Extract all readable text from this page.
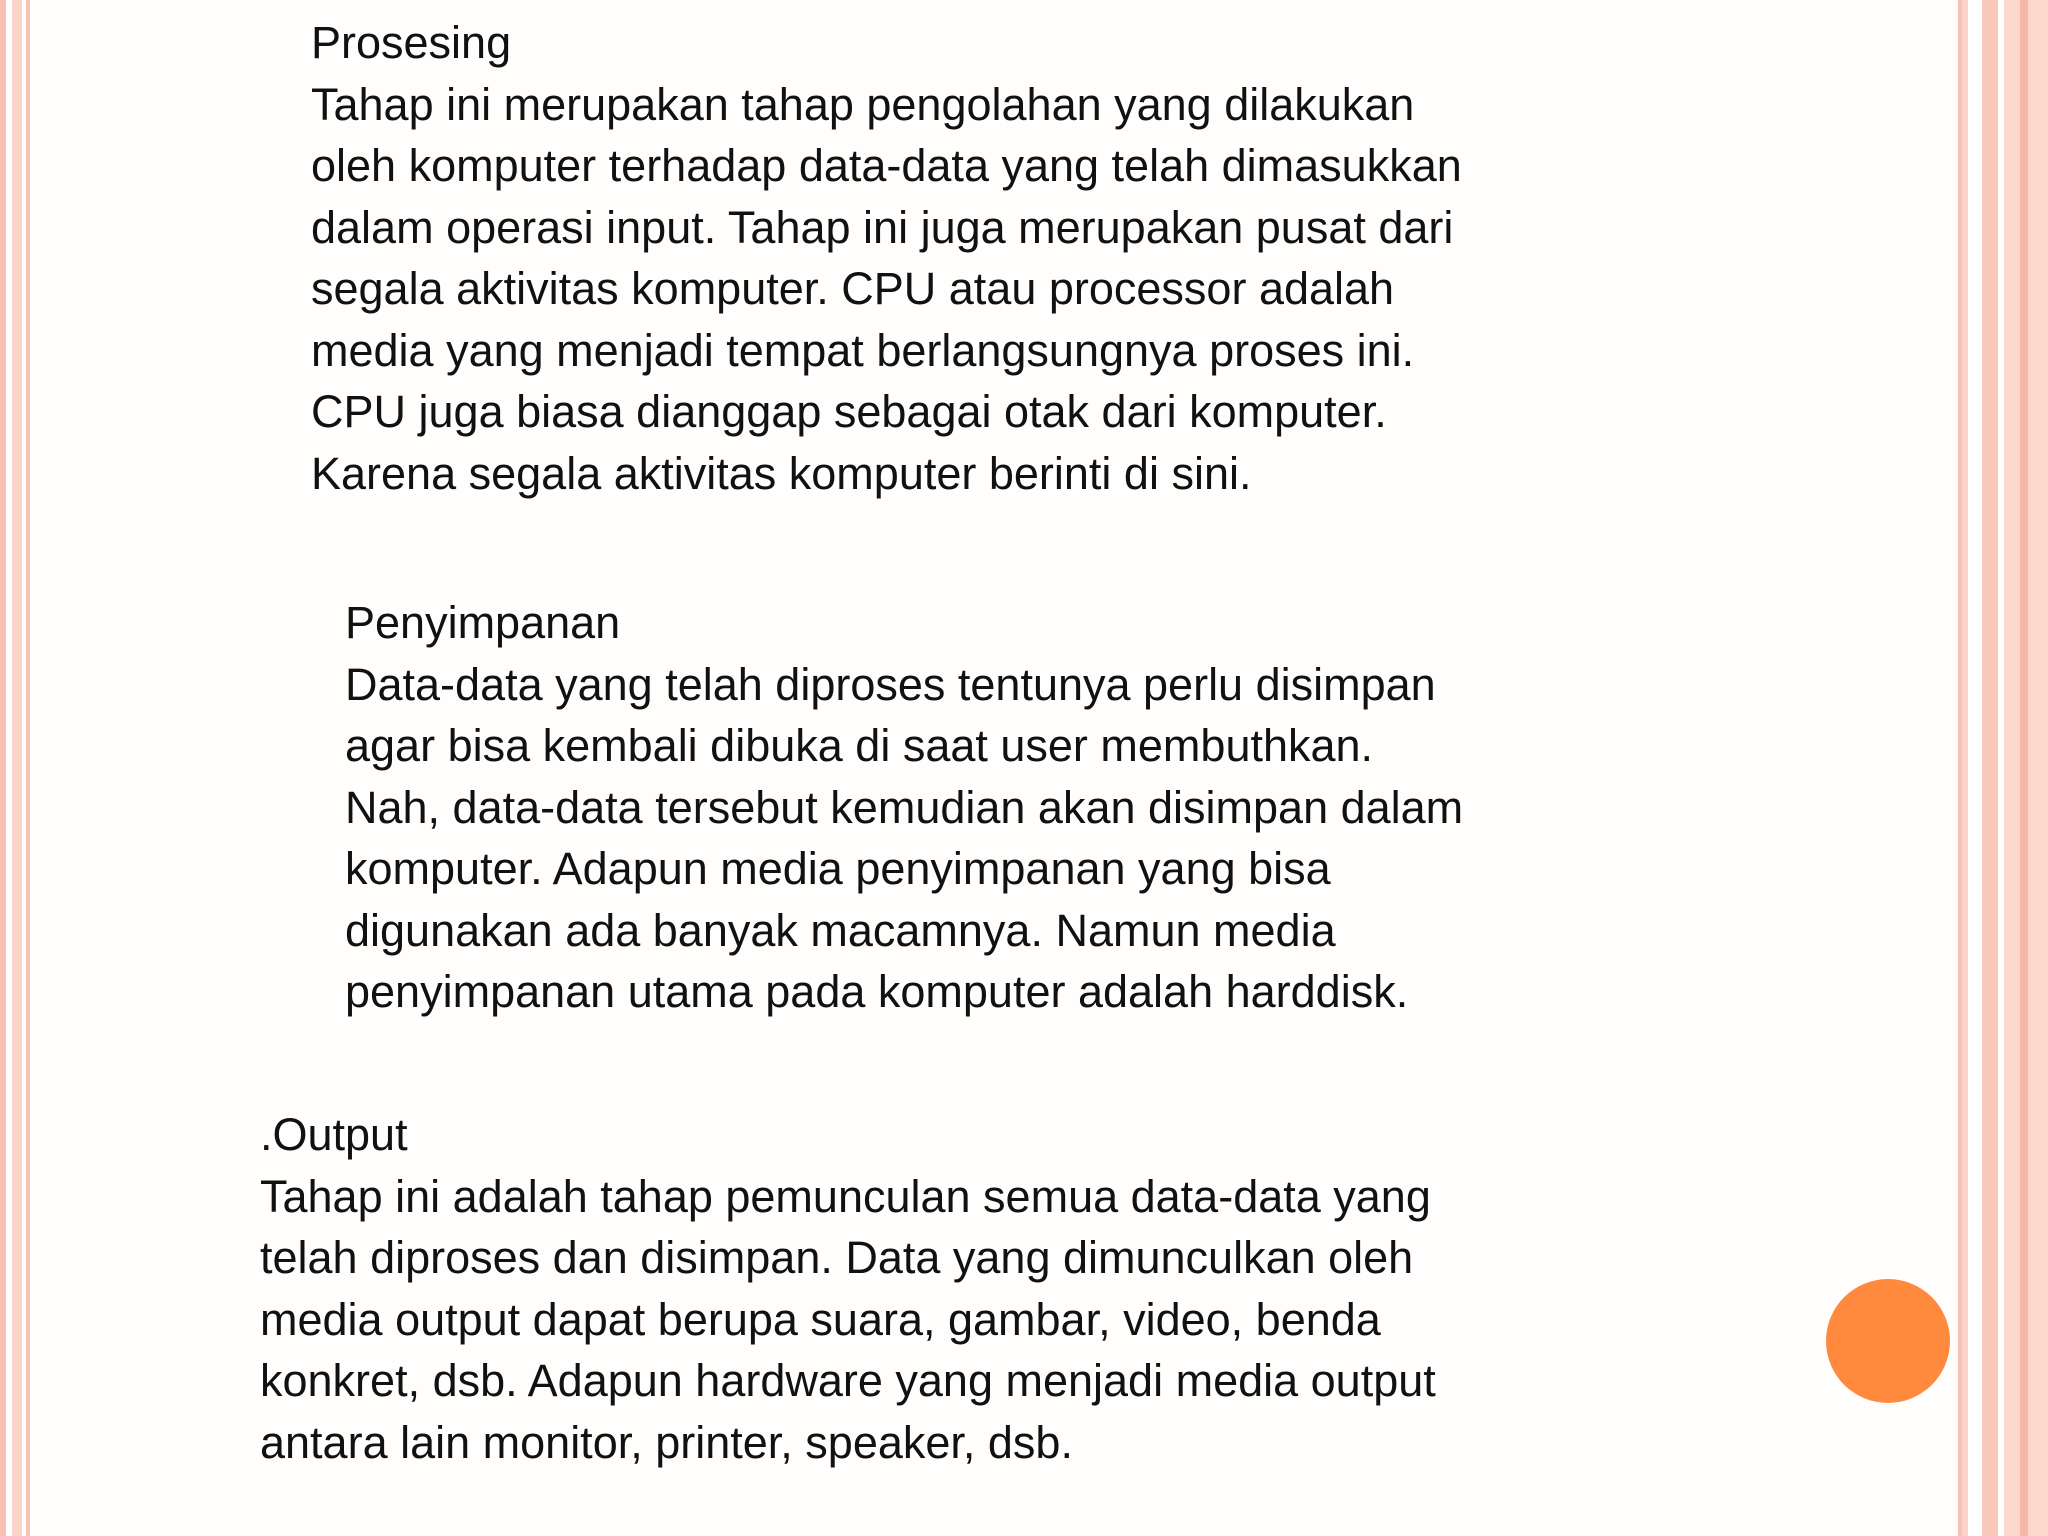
Prosesing
Tahap ini merupakan tahap pengolahan yang dilakukan
oleh komputer terhadap data-data yang telah dimasukkan
dalam operasi input. Tahap ini juga merupakan pusat dari
segala aktivitas komputer. CPU atau processor adalah
media yang menjadi tempat berlangsungnya proses ini.
CPU juga biasa dianggap sebagai otak dari komputer.
Karena segala aktivitas komputer berinti di sini.
Penyimpanan
Data-data yang telah diproses tentunya perlu disimpan
agar bisa kembali dibuka di saat user membuthkan.
Nah, data-data tersebut kemudian akan disimpan dalam
komputer. Adapun media penyimpanan yang bisa
digunakan ada banyak macamnya. Namun media
penyimpanan utama pada komputer adalah harddisk.
.Output
Tahap ini adalah tahap pemunculan semua data-data yang
telah diproses dan disimpan. Data yang dimunculkan oleh
media output dapat berupa suara, gambar, video, benda
konkret, dsb. Adapun hardware yang menjadi media output
antara lain monitor, printer, speaker, dsb.
